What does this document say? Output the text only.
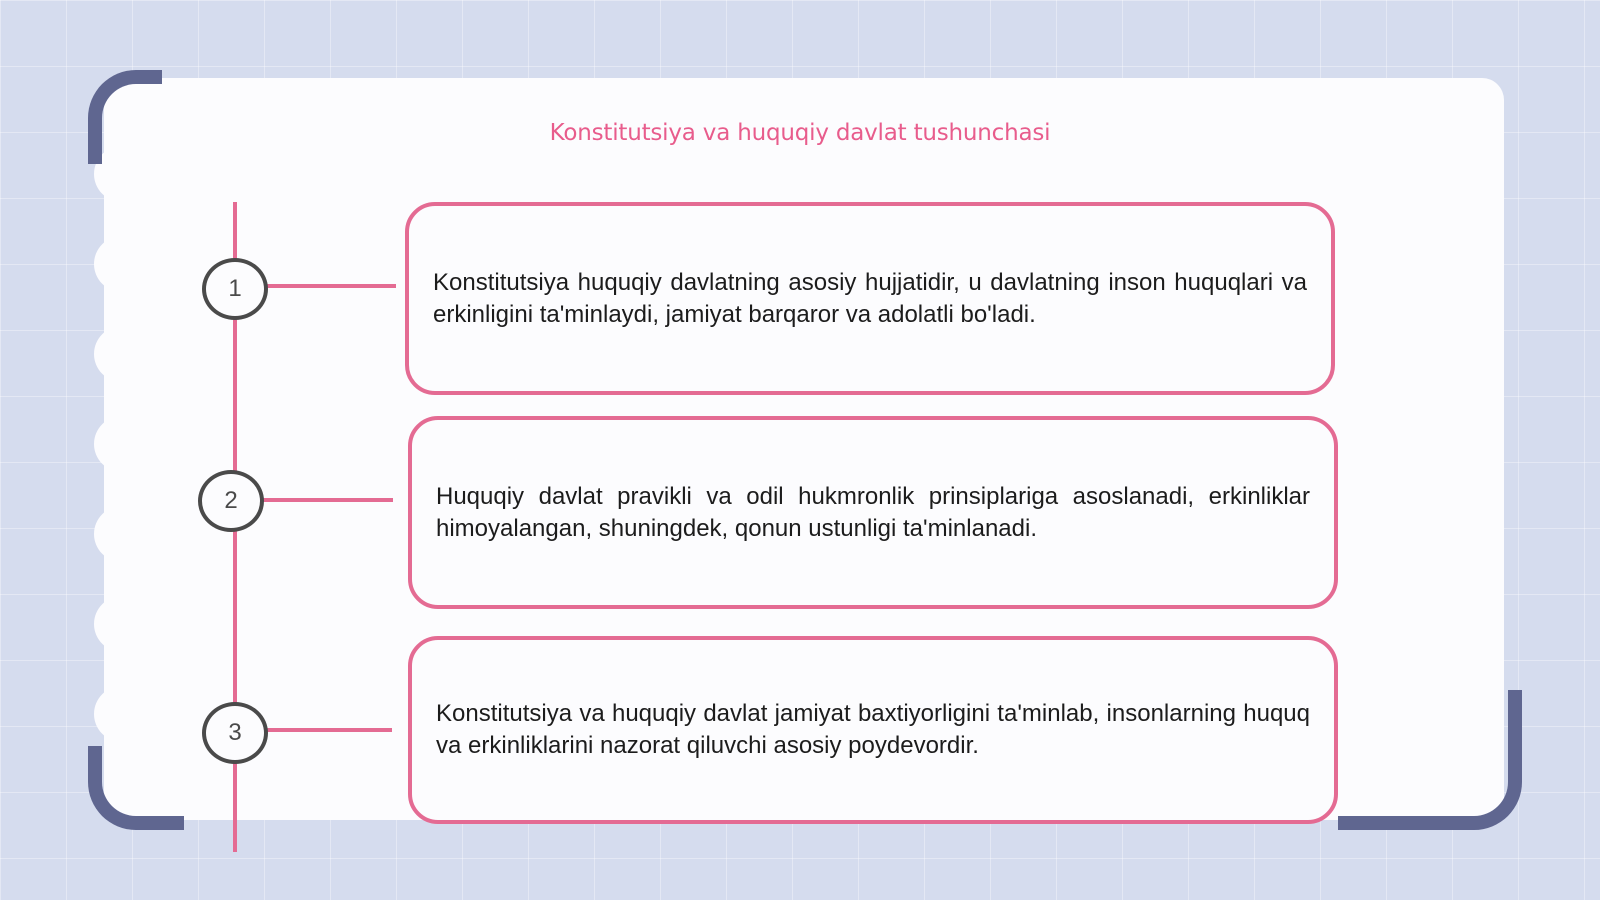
Konstitutsiya va huquqiy davlat tushunchasi
1	Konstitutsiya huquqiy davlatning asosiy hujjatidir, u davlatning inson huquqlari va erkinligini ta'minlaydi, jamiyat barqaror va adolatli bo'ladi.

2	Huquqiy davlat pravikli va odil hukmronlik prinsiplariga asoslanadi, erkinliklar himoyalangan, shuningdek, qonun ustunligi ta'minlanadi.

3

Konstitutsiya va huquqiy davlat jamiyat baxtiyorligini ta'minlab, insonlarning huquq va erkinliklarini nazorat qiluvchi asosiy poydevordir.
